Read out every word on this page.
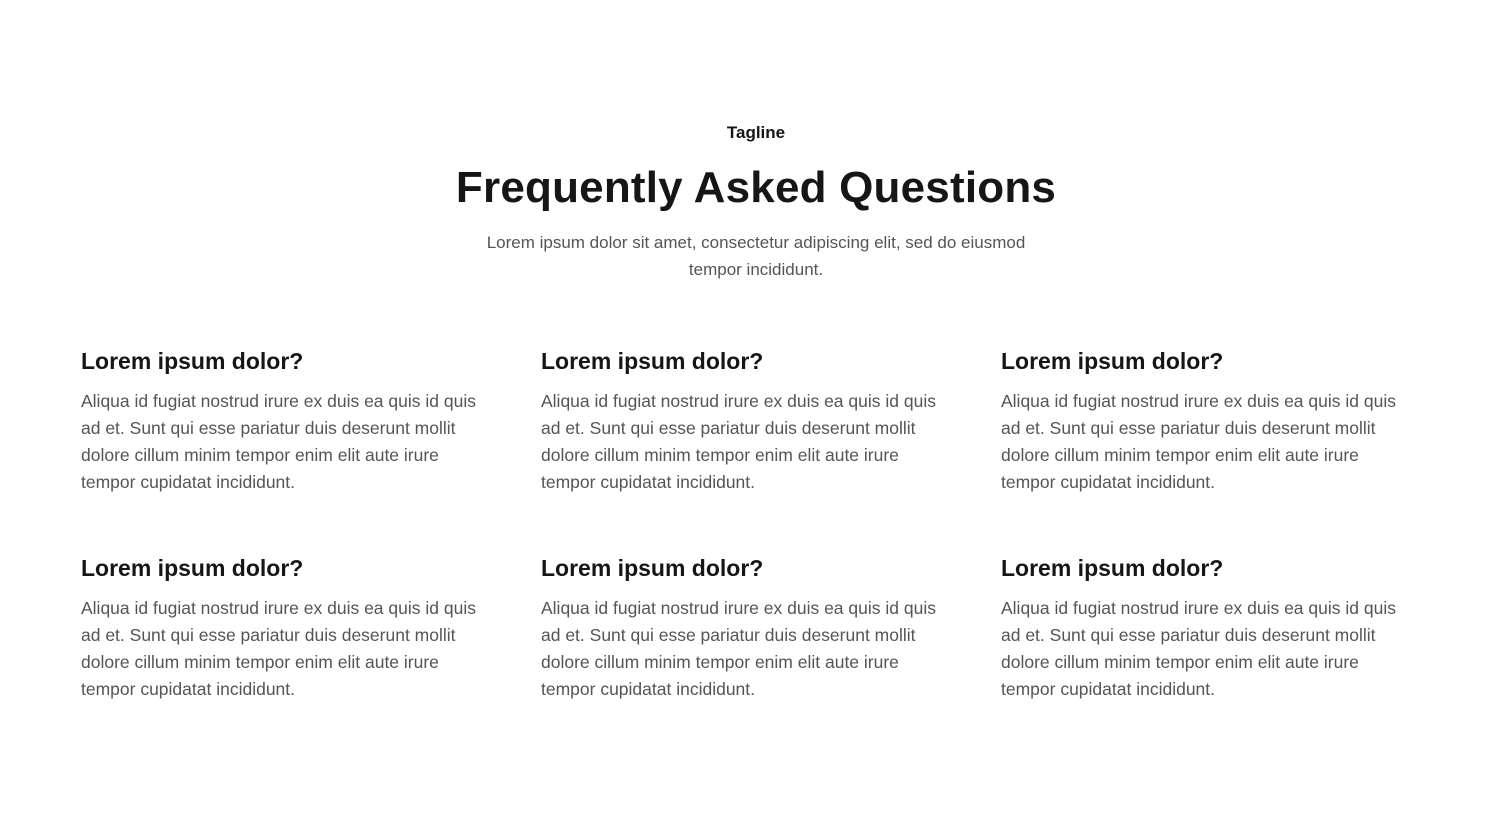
Tagline
Frequently Asked Questions

Lorem ipsum dolor sit amet, consectetur adipiscing elit, sed do eiusmod tempor incididunt.

Lorem ipsum dolor?

Aliqua id fugiat nostrud irure ex duis ea quis id quis ad et. Sunt qui esse pariatur duis deserunt mollit dolore cillum minim tempor enim elit aute irure tempor cupidatat incididunt.

Lorem ipsum dolor?

Aliqua id fugiat nostrud irure ex duis ea quis id quis ad et. Sunt qui esse pariatur duis deserunt mollit dolore cillum minim tempor enim elit aute irure tempor cupidatat incididunt.

Lorem ipsum dolor?

Aliqua id fugiat nostrud irure ex duis ea quis id quis ad et. Sunt qui esse pariatur duis deserunt mollit dolore cillum minim tempor enim elit aute irure tempor cupidatat incididunt.

Lorem ipsum dolor?

Aliqua id fugiat nostrud irure ex duis ea quis id quis ad et. Sunt qui esse pariatur duis deserunt mollit dolore cillum minim tempor enim elit aute irure tempor cupidatat incididunt.

Lorem ipsum dolor?

Aliqua id fugiat nostrud irure ex duis ea quis id quis ad et. Sunt qui esse pariatur duis deserunt mollit dolore cillum minim tempor enim elit aute irure tempor cupidatat incididunt.

Lorem ipsum dolor?

Aliqua id fugiat nostrud irure ex duis ea quis id quis ad et. Sunt qui esse pariatur duis deserunt mollit dolore cillum minim tempor enim elit aute irure tempor cupidatat incididunt.
